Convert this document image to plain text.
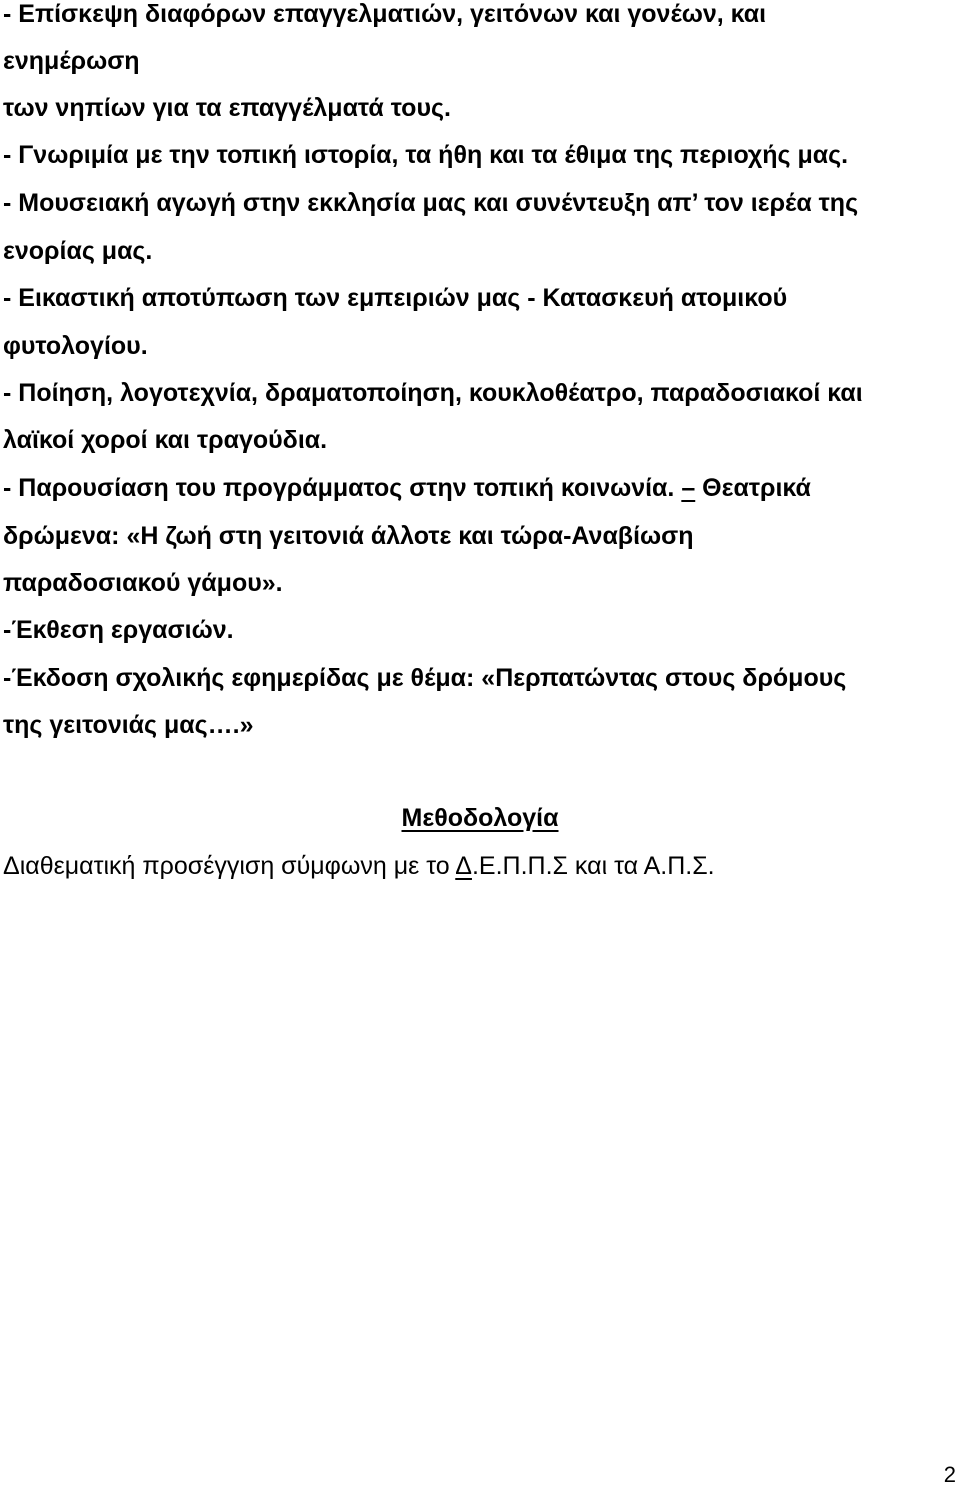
- Επίσκεψη διαφόρων επαγγελματιών, γειτόνων και γονέων, και

ενημέρωση

των νηπίων για τα επαγγέλματά τους.

- Γνωριμία με την τοπική ιστορία, τα ήθη και τα έθιμα της περιοχής μας.

- Μουσειακή αγωγή στην εκκλησία μας και συνέντευξη απ’ τον ιερέα της

ενορίας μας.

- Εικαστική αποτύπωση των εμπειριών μας - Κατασκευή ατομικού

φυτολογίου.

- Ποίηση, λογοτεχνία, δραματοποίηση, κουκλοθέατρο, παραδοσιακοί και

λαϊκοί χοροί και τραγούδια.

- Παρουσίαση του προγράμματος στην τοπική κοινωνία. – Θεατρικά

δρώμενα: «Η ζωή στη γειτονιά άλλοτε και τώρα-Αναβίωση

παραδοσιακού γάμου».

-Έκθεση εργασιών.

-Έκδοση σχολικής εφημερίδας με θέμα: «Περπατώντας στους δρόμους

της γειτονιάς μας….»

Μεθοδολογία

Διαθεματική προσέγγιση σύμφωνη με το Δ.Ε.Π.Π.Σ και τα Α.Π.Σ.

2
